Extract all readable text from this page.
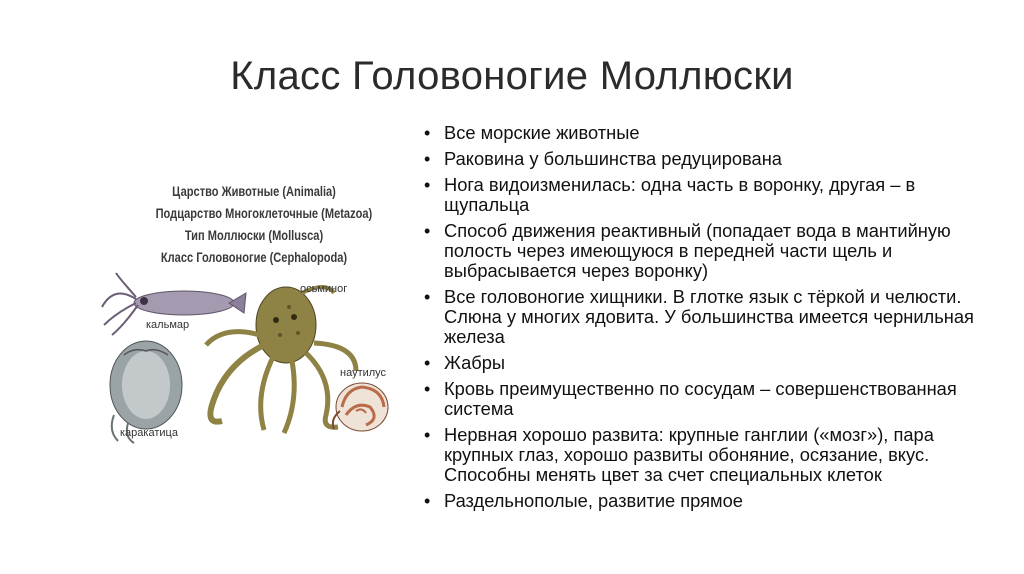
Класс Головоногие Моллюски
Царство Животные (Animalia)
Подцарство Многоклеточные (Metazoa)
Тип Моллюски (Mollusca)
Класс Головоногие (Cephalopoda)
кальмар
осьминог
наутилус
каракатица
• Все морские животные
• Раковина у большинства редуцирована
• Нога видоизменилась: одна часть в воронку, другая – в щупальца
• Способ движения реактивный (попадает вода в мантийную полость через имеющуюся в передней части щель и выбрасывается через воронку)
• Все головоногие хищники. В глотке язык с тёркой и челюсти. Слюна у многих ядовита. У большинства имеется чернильная железа
• Жабры
• Кровь преимущественно по сосудам – совершенствованная система
• Нервная хорошо развита: крупные ганглии («мозг»), пара крупных глаз, хорошо развиты обоняние, осязание, вкус. Способны менять цвет за счет специальных клеток
• Раздельнополые, развитие прямое
